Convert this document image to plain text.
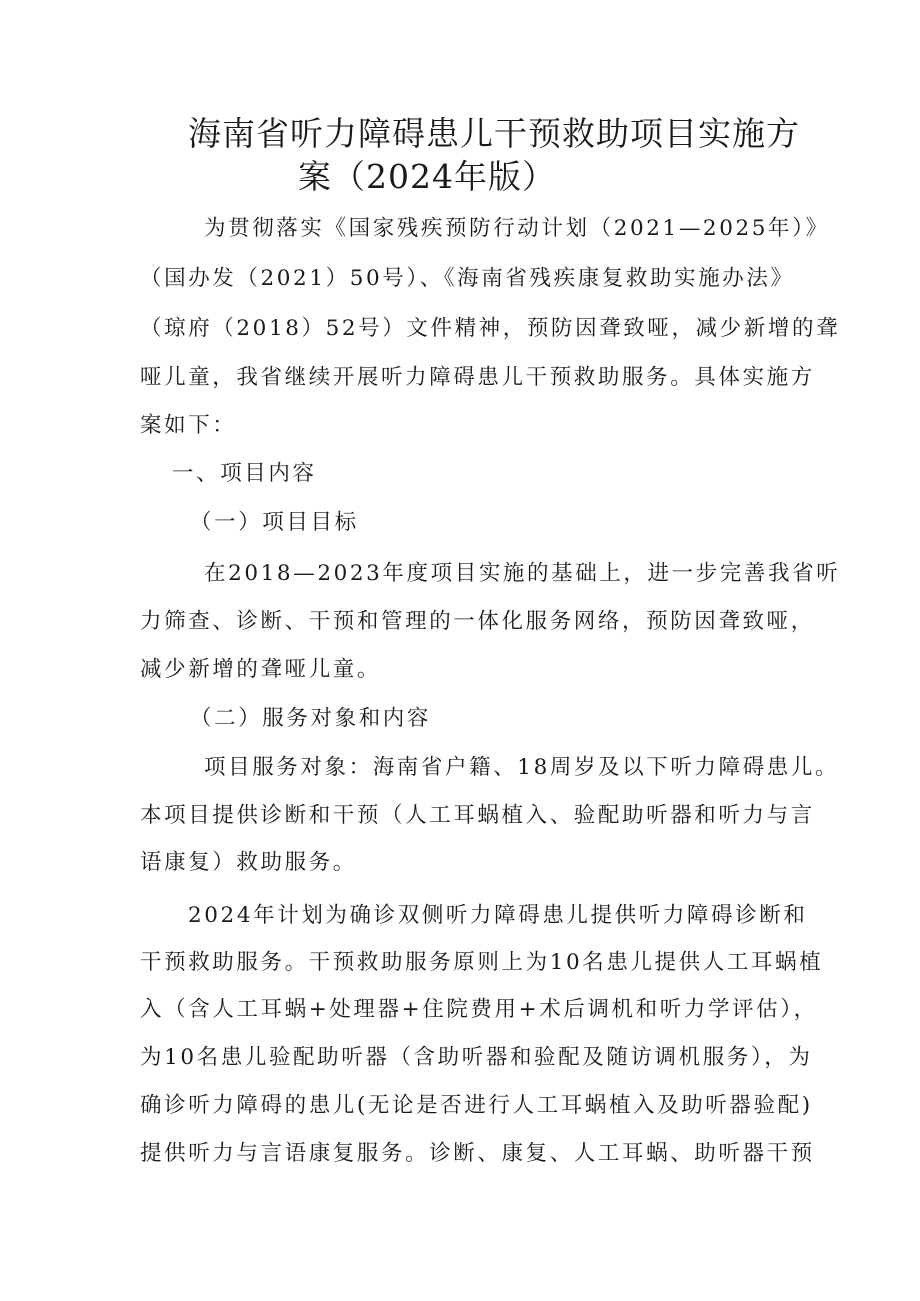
海南省听力障碍患儿干预救助项目实施方
案（2024年版）
为贯彻落实《国家残疾预防行动计划（2021—2025年）》
（国办发（2021）50号）、《海南省残疾康复救助实施办法》
（琼府（2018）52号）文件精神，预防因聋致哑，减少新增的聋
哑儿童，我省继续开展听力障碍患儿干预救助服务。具体实施方
案如下：
一、项目内容
（一）项目目标
在2018—2023年度项目实施的基础上，进一步完善我省听
力筛查、诊断、干预和管理的一体化服务网络，预防因聋致哑，
减少新增的聋哑儿童。
（二）服务对象和内容
项目服务对象：海南省户籍、18周岁及以下听力障碍患儿。
本项目提供诊断和干预（人工耳蜗植入、验配助听器和听力与言
语康复）救助服务。
2024年计划为确诊双侧听力障碍患儿提供听力障碍诊断和
干预救助服务。干预救助服务原则上为10名患儿提供人工耳蜗植
入（含人工耳蜗+处理器+住院费用+术后调机和听力学评估），
为10名患儿验配助听器（含助听器和验配及随访调机服务），为
确诊听力障碍的患儿(无论是否进行人工耳蜗植入及助听器验配)
提供听力与言语康复服务。诊断、康复、人工耳蜗、助听器干预
